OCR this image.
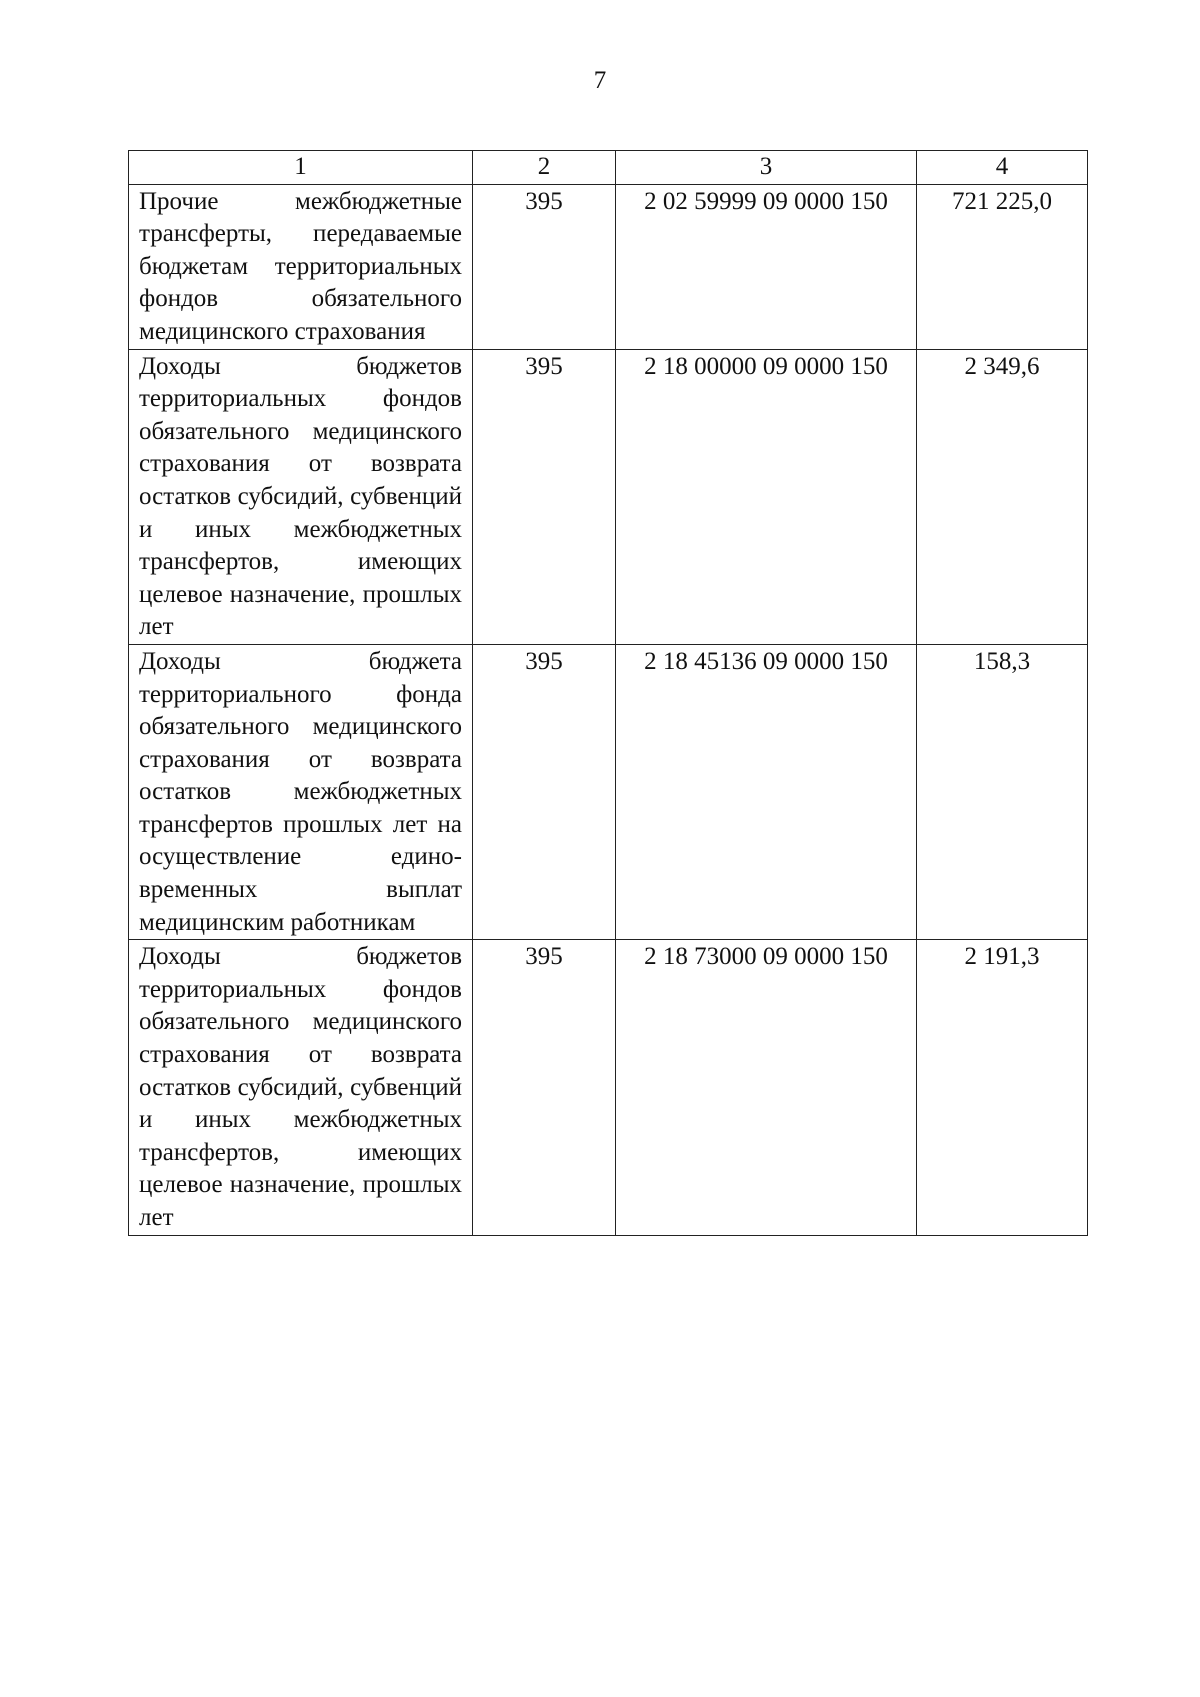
7
1	2	3	4
Прочие межбюджетные трансферты, передаваемые бюджетам территориальных фондов обязательного медицинского страхования	395	2 02 59999 09 0000 150	721 225,0
Доходы бюджетов территориальных фондов обязательного медицинского страхования от возврата остатков субсидий, субвенций и иных межбюджетных трансфертов, имеющих целевое назначение, прошлых лет	395	2 18 00000 09 0000 150	2 349,6
Доходы бюджета территориального фонда обязательного медицинского страхования от возврата остатков межбюджетных трансфертов прошлых лет на осуществление единовременных выплат медицинским работникам	395	2 18 45136 09 0000 150	158,3
Доходы бюджетов территориальных фондов обязательного медицинского страхования от возврата остатков субсидий, субвенций и иных межбюджетных трансфертов, имеющих целевое назначение, прошлых лет	395	2 18 73000 09 0000 150	2 191,3
